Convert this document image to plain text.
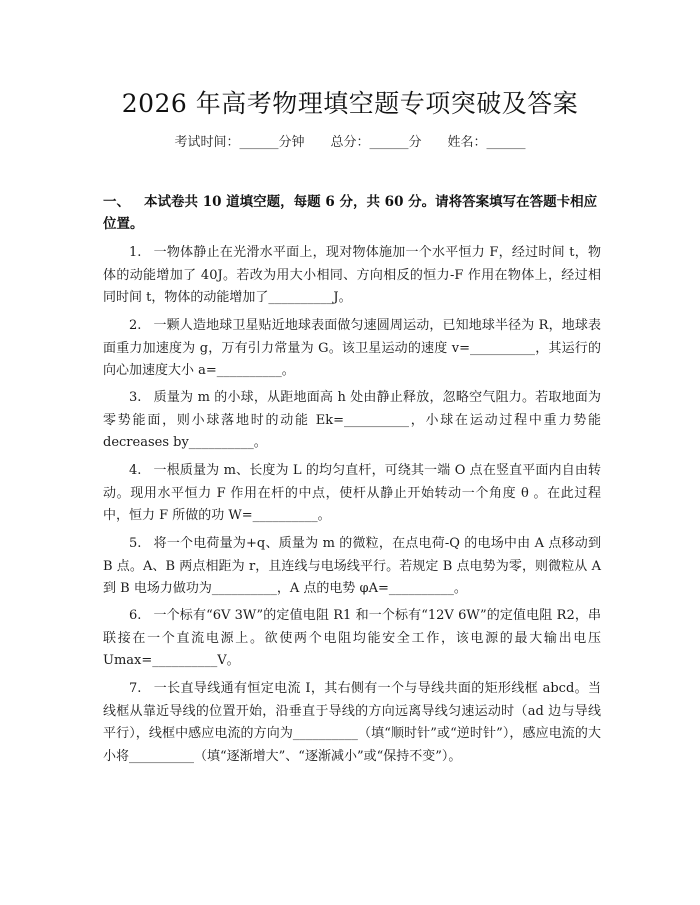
2026 年高考物理填空题专项突破及答案
考试时间：______分钟 总分：______分 姓名：______
一、 本试卷共 10 道填空题，每题 6 分，共 60 分。请将答案填写在答题卡相应位置。
1. 一物体静止在光滑水平面上，现对物体施加一个水平恒力 F，经过时间 t，物体的动能增加了 40J。若改为用大小相同、方向相反的恒力-F 作用在物体上，经过相同时间 t，物体的动能增加了__________J。
2. 一颗人造地球卫星贴近地球表面做匀速圆周运动，已知地球半径为 R，地球表面重力加速度为 g，万有引力常量为 G。该卫星运动的速度 v=__________，其运行的向心加速度大小 a=__________。
3. 质量为 m 的小球，从距地面高 h 处由静止释放，忽略空气阻力。若取地面为零势能面，则小球落地时的动能 Ek=__________，小球在运动过程中重力势能 decreases by__________。
4. 一根质量为 m、长度为 L 的均匀直杆，可绕其一端 O 点在竖直平面内自由转动。现用水平恒力 F 作用在杆的中点，使杆从静止开始转动一个角度 θ 。在此过程中，恒力 F 所做的功 W=__________。
5. 将一个电荷量为+q、质量为 m 的微粒，在点电荷-Q 的电场中由 A 点移动到 B 点。A、B 两点相距为 r，且连线与电场线平行。若规定 B 点电势为零，则微粒从 A 到 B 电场力做功为__________，A 点的电势 φA=__________。
6. 一个标有“6V 3W”的定值电阻 R1 和一个标有“12V 6W”的定值电阻 R2，串联接在一个直流电源上。欲使两个电阻均能安全工作，该电源的最大输出电压 Umax=__________V。
7. 一长直导线通有恒定电流 I，其右侧有一个与导线共面的矩形线框 abcd。当线框从靠近导线的位置开始，沿垂直于导线的方向远离导线匀速运动时（ad 边与导线平行），线框中感应电流的方向为__________（填“顺时针”或“逆时针”），感应电流的大小将__________（填“逐渐增大”、“逐渐减小”或“保持不变”）。
